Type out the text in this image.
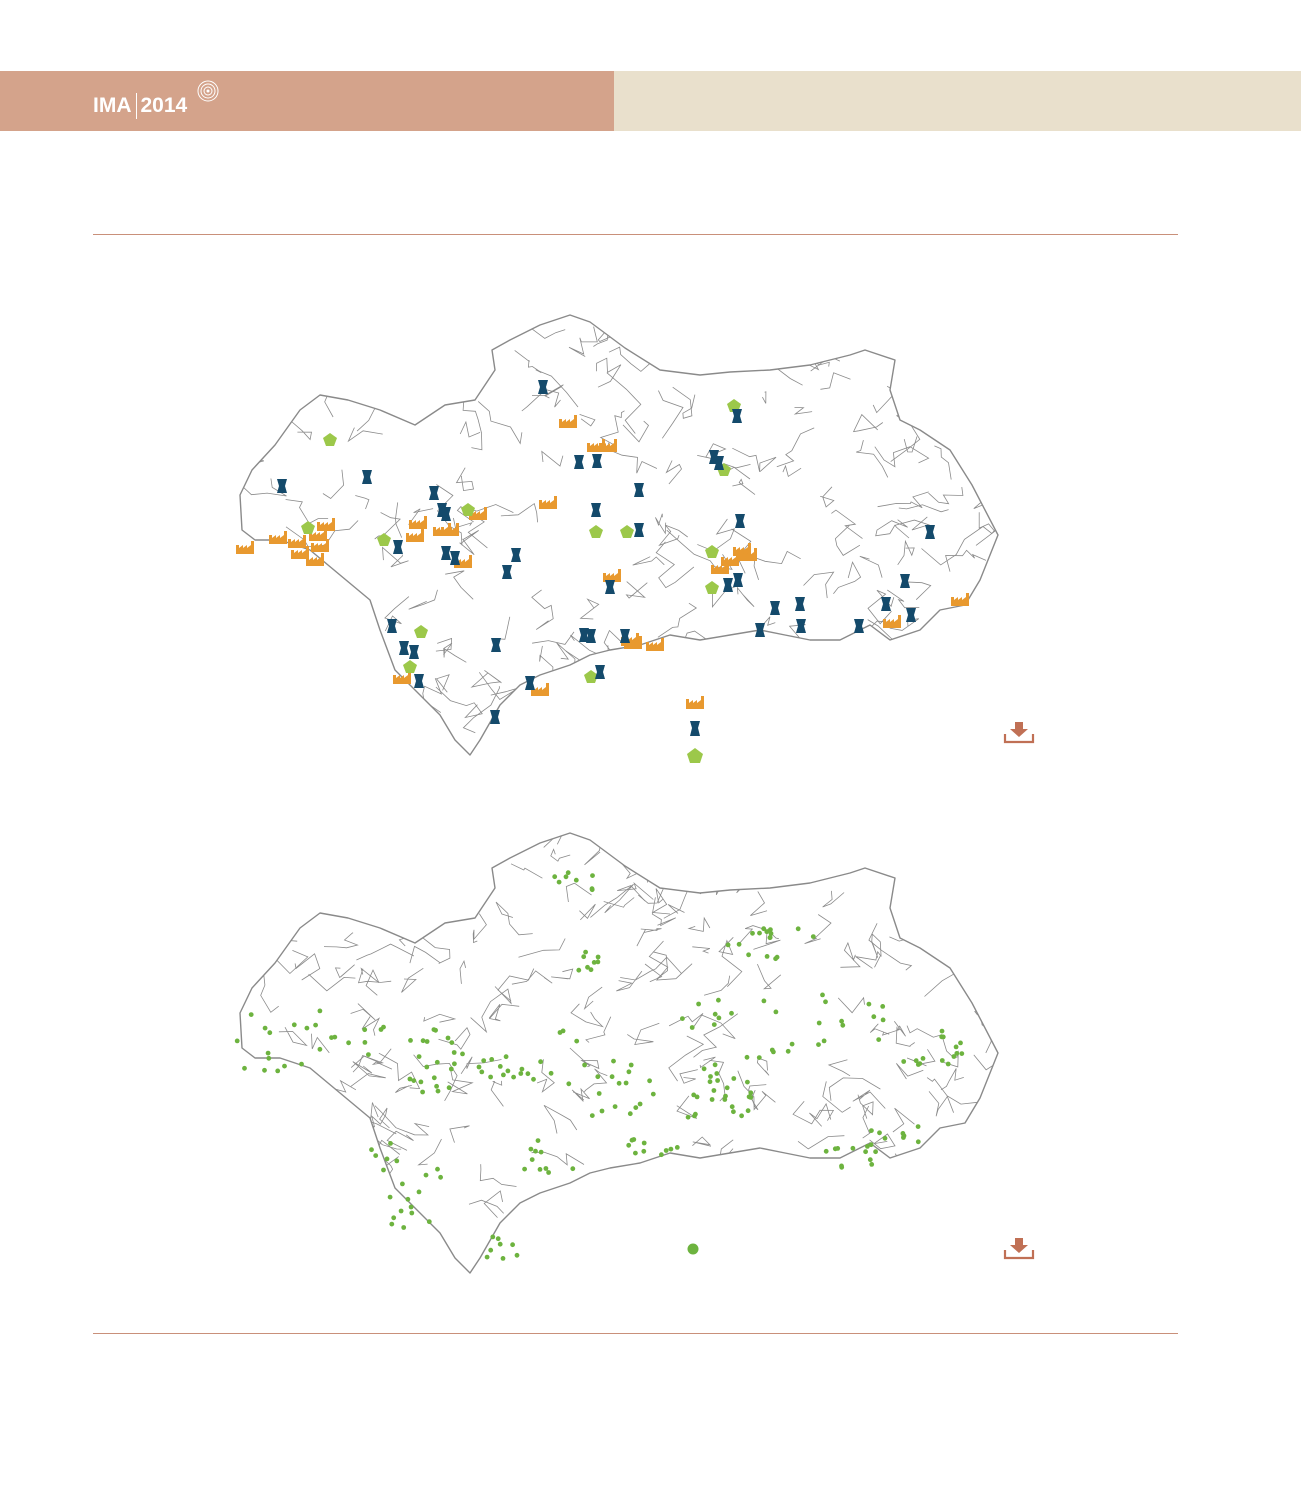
IMA 2014
